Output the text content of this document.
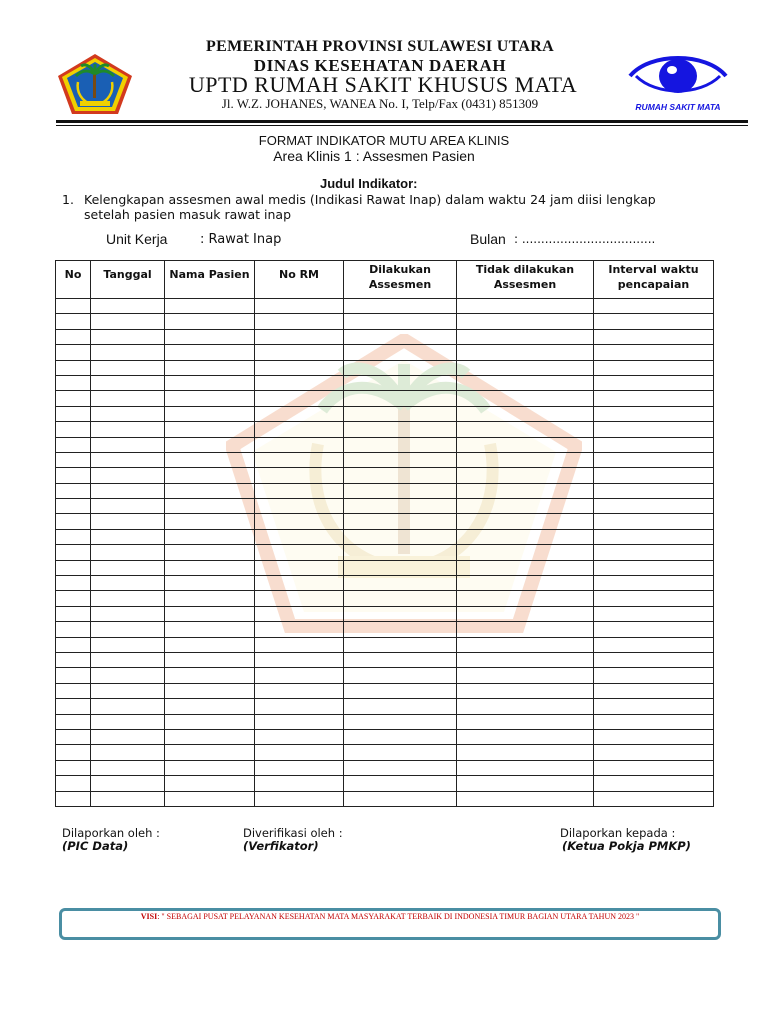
PEMERINTAH PROVINSI SULAWESI UTARA
DINAS KESEHATAN DAERAH
UPTD RUMAH SAKIT KHUSUS MATA
Jl. W.Z. JOHANES, WANEA No. I, Telp/Fax (0431) 851309	RUMAH SAKIT MATA
FORMAT INDIKATOR MUTU AREA KLINIS
Area Klinis 1 : Assesmen Pasien
Judul Indikator:
1. Kelengkapan assesmen awal medis (Indikasi Rawat Inap) dalam waktu 24 jam diisi lengkap setelah pasien masuk rawat inap
Unit Kerja	: Rawat Inap	Bulan : ...................................
No	Tanggal	Nama Pasien	No RM	Dilakukan Assesmen	Tidak dilakukan Assesmen	Interval waktu pencapaian

Dilaporkan oleh :
(PIC Data)
Diverifikasi oleh :
(Verfikator)
Dilaporkan kepada :
(Ketua Pokja PMKP)
VISI: " SEBAGAI PUSAT PELAYANAN KESEHATAN MATA MASYARAKAT TERBAIK DI INDONESIA TIMUR BAGIAN UTARA TAHUN 2023 "
